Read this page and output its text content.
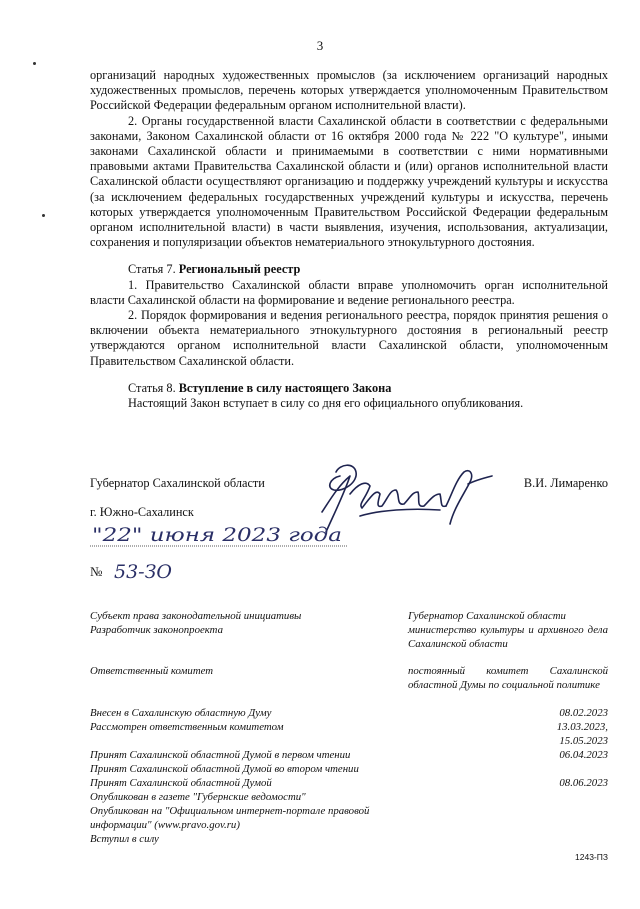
3

организаций народных художественных промыслов (за исключением организаций народных художественных промыслов, перечень которых утверждается уполномоченным Правительством Российской Федерации федеральным органом исполнительной власти).

2. Органы государственной власти Сахалинской области в соответствии с федеральными законами, Законом Сахалинской области от 16 октября 2000 года № 222 "О культуре", иными законами Сахалинской области и принимаемыми в соответствии с ними нормативными правовыми актами Правительства Сахалинской области и (или) органов исполнительной власти Сахалинской области осуществляют организацию и поддержку учреждений культуры и искусства (за исключением федеральных государственных учреждений культуры и искусства, перечень которых утверждается уполномоченным Правительством Российской Федерации федеральным органом исполнительной власти) в части выявления, изучения, использования, актуализации, сохранения и популяризации объектов нематериального этнокультурного достояния.

Статья 7. Региональный реестр

1. Правительство Сахалинской области вправе уполномочить орган исполнительной власти Сахалинской области на формирование и ведение регионального реестра.

2. Порядок формирования и ведения регионального реестра, порядок принятия решения о включении объекта нематериального этнокультурного достояния в региональный реестр утверждаются органом исполнительной власти Сахалинской области, уполномоченным Правительством Сахалинской области.

Статья 8. Вступление в силу настоящего Закона

Настоящий Закон вступает в силу со дня его официального опубликования.

Губернатор Сахалинской области	В.И. Лимаренко
г. Южно-Сахалинск
"22" июня 2023 года
№ 53-ЗО
Субъект права законодательной инициативы	Губернатор Сахалинской области
Разработчик законопроекта	министерство культуры и архивного дела Сахалинской области
Ответственный комитет	постоянный комитет Сахалинской областной Думы по социальной политике
Внесен в Сахалинскую областную Думу	08.02.2023
Рассмотрен ответственным комитетом	13.03.2023,
15.05.2023
Принят Сахалинской областной Думой в первом чтении	06.04.2023
Принят Сахалинской областной Думой во втором чтении
Принят Сахалинской областной Думой	08.06.2023
Опубликован в газете "Губернские ведомости"
Опубликован на "Официальном интернет-портале правовой информации" (www.pravo.gov.ru)
Вступил в силу
1243-ПЗ
